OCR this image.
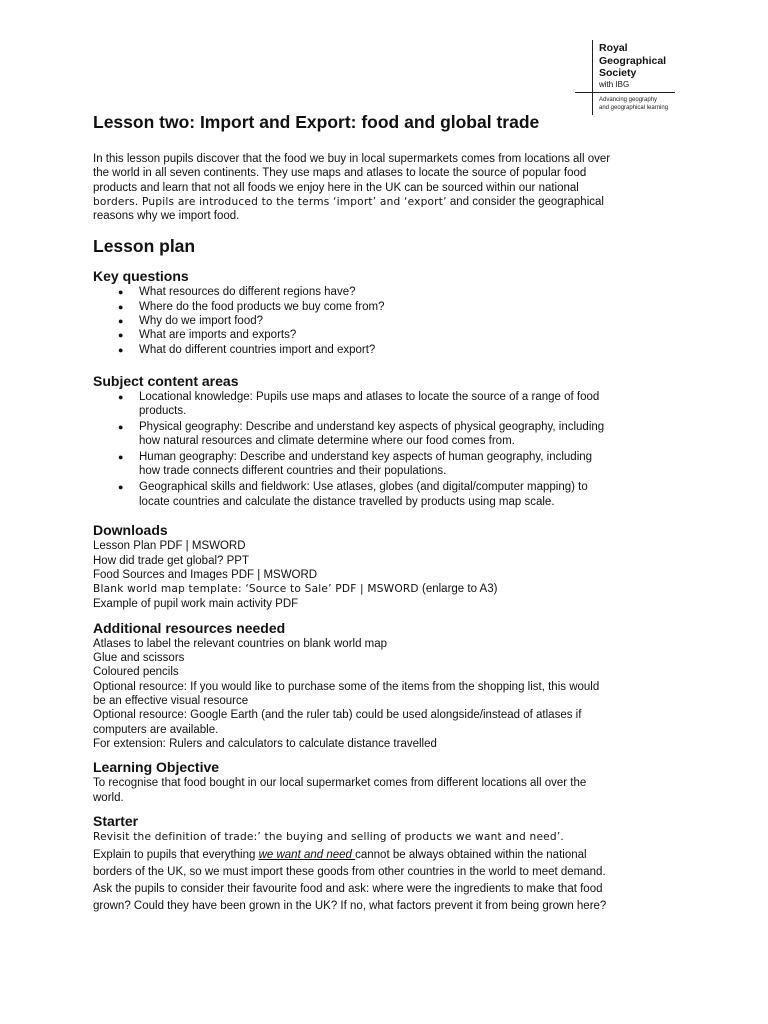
Royal
Geographical
Society
with IBG
Advancing geography
and geographical learning
Lesson two: Import and Export: food and global trade

In this lesson pupils discover that the food we buy in local supermarkets comes from locations all over

the world in all seven continents. They use maps and atlases to locate the source of popular food

products and learn that not all foods we enjoy here in the UK can be sourced within our national

borders. Pupils are introduced to the terms ‘import’ and ‘export’ and consider the geographical

reasons why we import food.

Lesson plan
Key questions
● What resources do different regions have?
● Where do the food products we buy come from?
● Why do we import food?
● What are imports and exports?
● What do different countries import and export?
Subject content areas
● Locational knowledge: Pupils use maps and atlases to locate the source of a range of food
products.
● Physical geography: Describe and understand key aspects of physical geography, including
how natural resources and climate determine where our food comes from.
● Human geography: Describe and understand key aspects of human geography, including
how trade connects different countries and their populations.
● Geographical skills and fieldwork: Use atlases, globes (and digital/computer mapping) to
locate countries and calculate the distance travelled by products using map scale.
Downloads

Lesson Plan PDF | MSWORD

How did trade get global? PPT

Food Sources and Images PDF | MSWORD

Blank world map template: ‘Source to Sale’ PDF | MSWORD (enlarge to A3)

Example of pupil work main activity PDF

Additional resources needed

Atlases to label the relevant countries on blank world map

Glue and scissors

Coloured pencils

Optional resource: If you would like to purchase some of the items from the shopping list, this would

be an effective visual resource

Optional resource: Google Earth (and the ruler tab) could be used alongside/instead of atlases if

computers are available.

For extension: Rulers and calculators to calculate distance travelled

Learning Objective

To recognise that food bought in our local supermarket comes from different locations all over the

world.

Starter

Revisit the definition of trade:’ the buying and selling of products we want and need’.

Explain to pupils that everything we want and need cannot be always obtained within the national

borders of the UK, so we must import these goods from other countries in the world to meet demand.

Ask the pupils to consider their favourite food and ask: where were the ingredients to make that food

grown? Could they have been grown in the UK? If no, what factors prevent it from being grown here?
